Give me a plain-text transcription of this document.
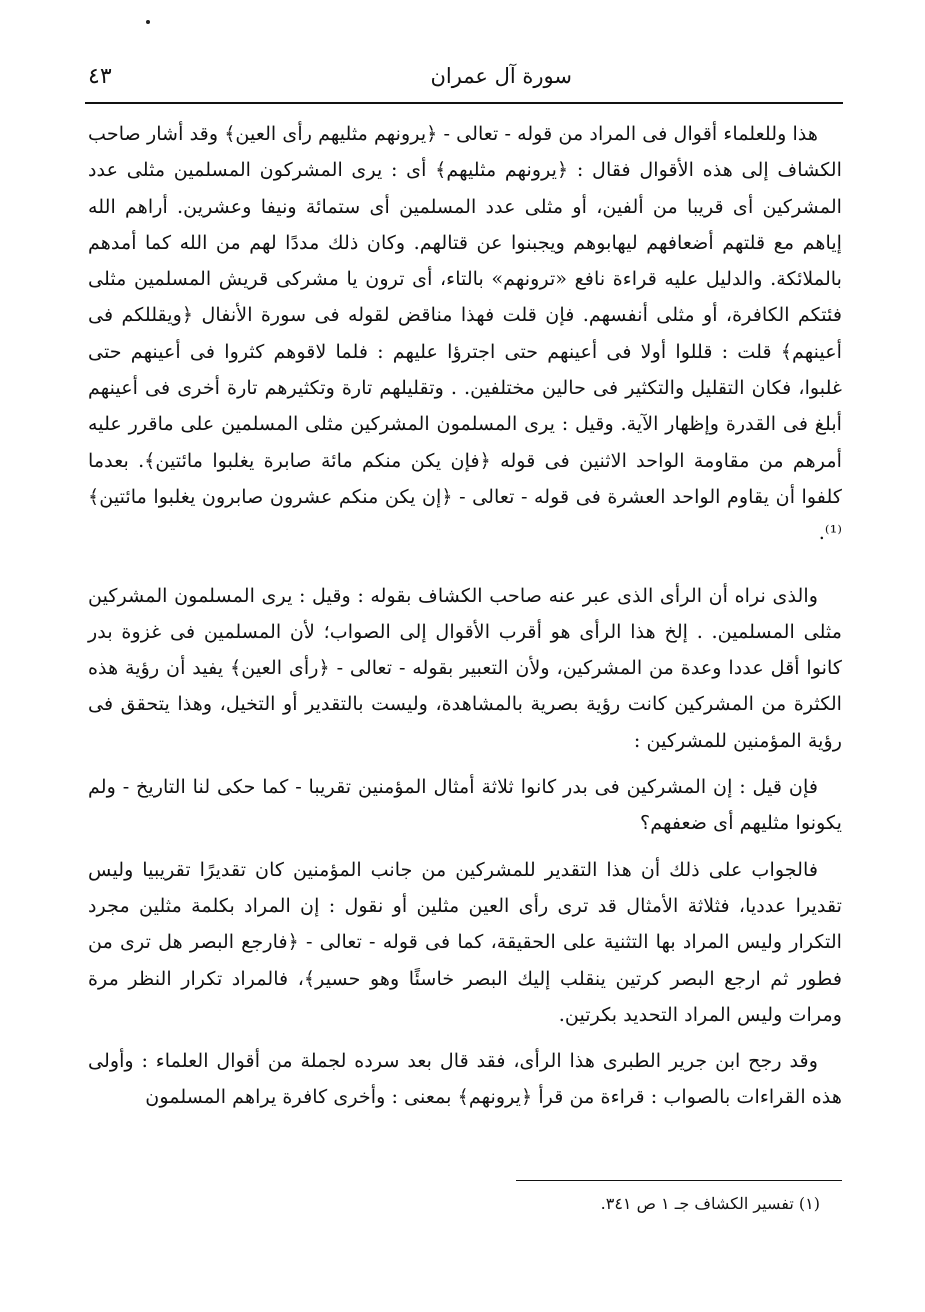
سورة آل عمران
٤٣

هذا وللعلماء أقوال فى المراد من قوله - تعالى - ﴿يرونهم مثليهم رأى العين﴾ وقد أشار صاحب الكشاف إلى هذه الأقوال فقال : ﴿يرونهم مثليهم﴾ أى : يرى المشركون المسلمين مثلى عدد المشركين أى قريبا من ألفين، أو مثلى عدد المسلمين أى ستمائة ونيفا وعشرين. أراهم الله إياهم مع قلتهم أضعافهم ليهابوهم ويجبنوا عن قتالهم. وكان ذلك مددًا لهم من الله كما أمدهم بالملائكة. والدليل عليه قراءة نافع «ترونهم» بالتاء، أى ترون يا مشركى قريش المسلمين مثلى فئتكم الكافرة، أو مثلى أنفسهم. فإن قلت فهذا مناقض لقوله فى سورة الأنفال ﴿ويقللكم فى أعينهم﴾ قلت : قللوا أولا فى أعينهم حتى اجترؤا عليهم : فلما لاقوهم كثروا فى أعينهم حتى غلبوا، فكان التقليل والتكثير فى حالين مختلفين. . وتقليلهم تارة وتكثيرهم تارة أخرى فى أعينهم أبلغ فى القدرة وإظهار الآية. وقيل : يرى المسلمون المشركين مثلى المسلمين على ماقرر عليه أمرهم من مقاومة الواحد الاثنين فى قوله ﴿فإن يكن منكم مائة صابرة يغلبوا مائتين﴾. بعدما كلفوا أن يقاوم الواحد العشرة فى قوله - تعالى - ﴿إن يكن منكم عشرون صابرون يغلبوا مائتين﴾⁽¹⁾.

والذى نراه أن الرأى الذى عبر عنه صاحب الكشاف بقوله : وقيل : يرى المسلمون المشركين مثلى المسلمين. . إلخ هذا الرأى هو أقرب الأقوال إلى الصواب؛ لأن المسلمين فى غزوة بدر كانوا أقل عددا وعدة من المشركين، ولأن التعبير بقوله - تعالى - ﴿رأى العين﴾ يفيد أن رؤية هذه الكثرة من المشركين كانت رؤية بصرية بالمشاهدة، وليست بالتقدير أو التخيل، وهذا يتحقق فى رؤية المؤمنين للمشركين :

فإن قيل : إن المشركين فى بدر كانوا ثلاثة أمثال المؤمنين تقريبا - كما حكى لنا التاريخ - ولم يكونوا مثليهم أى ضعفهم؟

فالجواب على ذلك أن هذا التقدير للمشركين من جانب المؤمنين كان تقديرًا تقريبيا وليس تقديرا عدديا، فثلاثة الأمثال قد ترى رأى العين مثلين أو نقول : إن المراد بكلمة مثلين مجرد التكرار وليس المراد بها التثنية على الحقيقة، كما فى قوله - تعالى - ﴿فارجع البصر هل ترى من فطور ثم ارجع البصر كرتين ينقلب إليك البصر خاسئًا وهو حسير﴾، فالمراد تكرار النظر مرة ومرات وليس المراد التحديد بكرتين.

وقد رجح ابن جرير الطبرى هذا الرأى، فقد قال بعد سرده لجملة من أقوال العلماء : وأولى هذه القراءات بالصواب : قراءة من قرأ ﴿يرونهم﴾ بمعنى : وأخرى كافرة يراهم المسلمون

(١) تفسير الكشاف جـ ١ ص ٣٤١.
